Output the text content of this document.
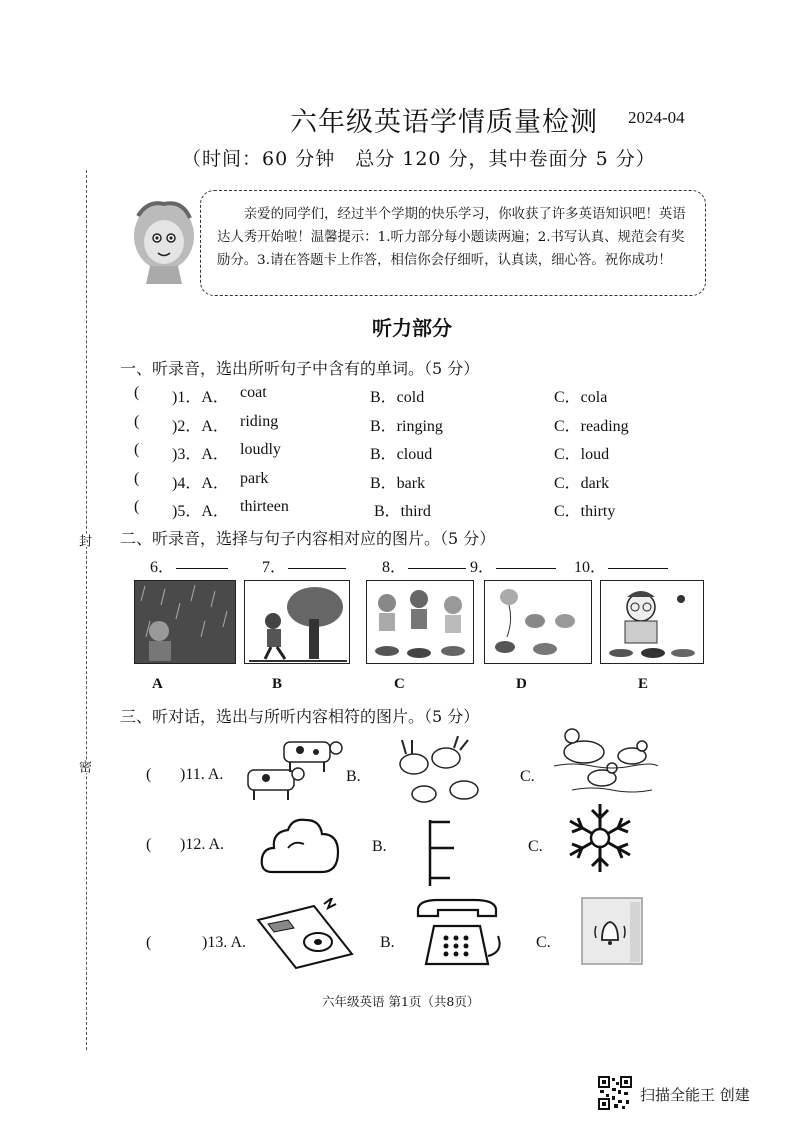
封
密
六年级英语学情质量检测 2024-04
（时间：60 分钟　总分 120 分，其中卷面分 5 分）
亲爱的同学们，经过半个学期的快乐学习，你收获了许多英语知识吧！英语达人秀开始啦！温馨提示：1.听力部分每小题读两遍；2.书写认真、规范会有奖励分。3.请在答题卡上作答，相信你会仔细听，认真读，细心答。祝你成功！
听力部分
一、听录音，选出所听句子中含有的单词。（5 分）
( )1．A． coat	B．cold	C．cola
( )2．A． riding	B．ringing	C．reading
( )3．A． loudly	B．cloud	C．loud
( )4．A． park	B．bark	C．dark
( )5．A． thirteen	B．third	C．thirty
二、听录音，选择与句子内容相对应的图片。（5 分）
6．	7．	8．	9．	10．
A	B	C	D	E
三、听对话，选出与所听内容相符的图片。（5 分）
( )11. A.	B.	C.
( )12. A.	B.	C.
(	)13. A.	B.	C.
六年级英语 第1页（共8页）
扫描全能王 创建
